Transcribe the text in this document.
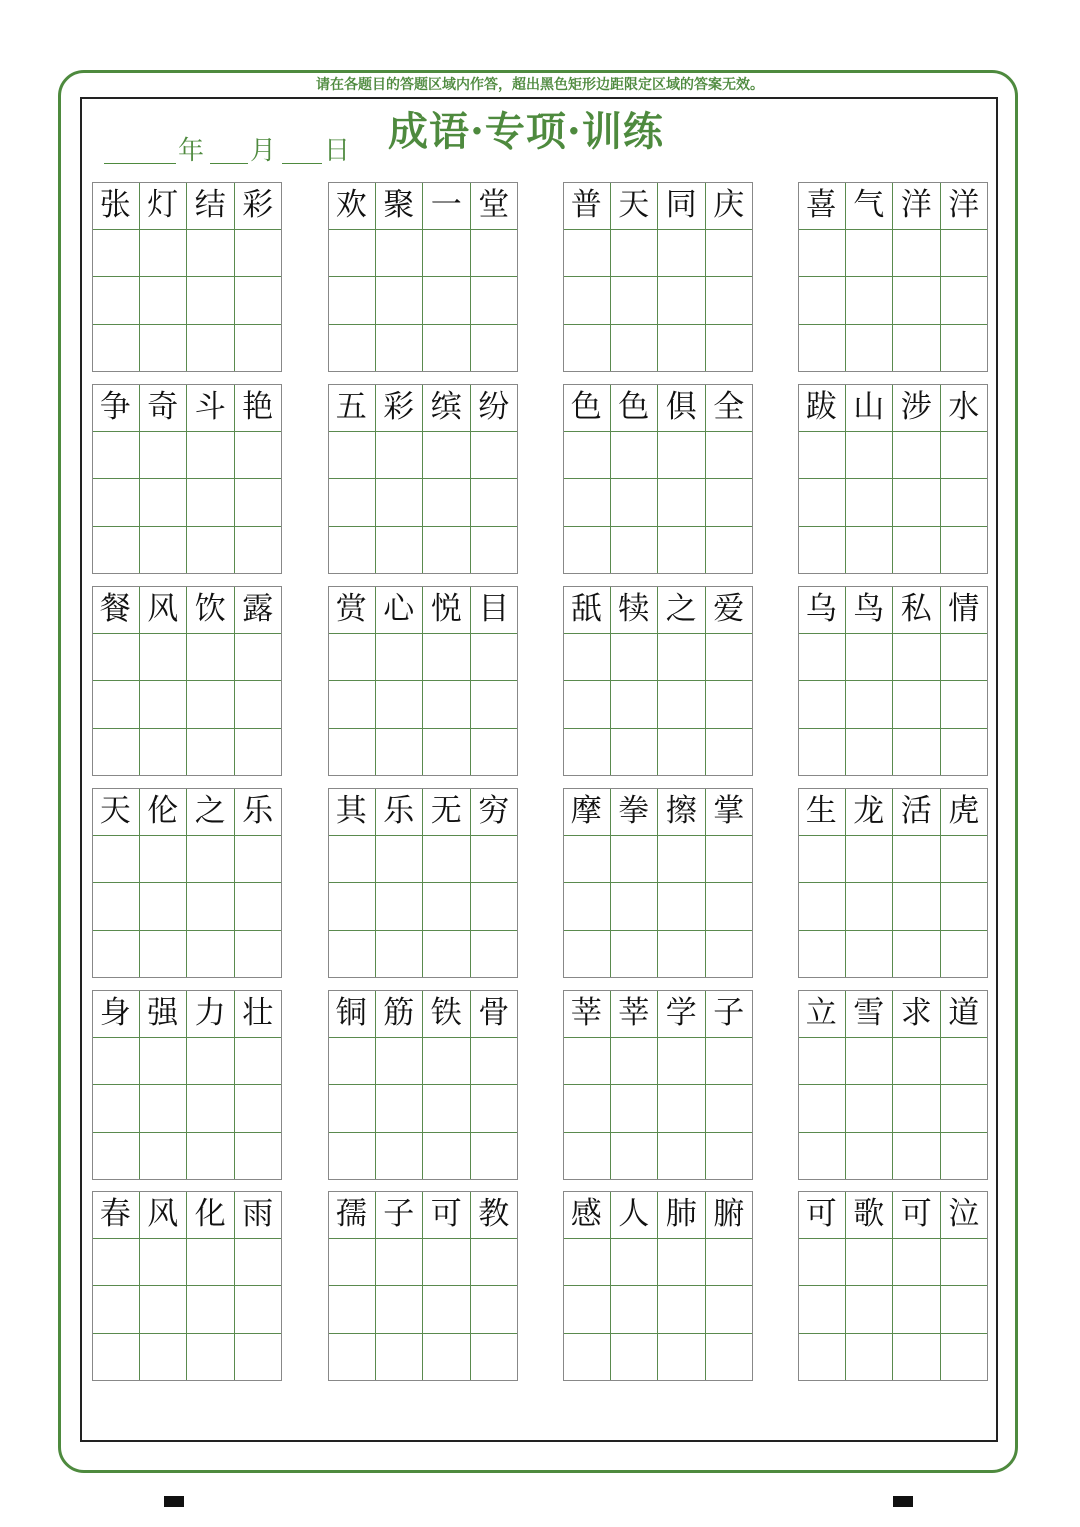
请在各题目的答题区域内作答，超出黑色矩形边距限定区域的答案无效。
年 月 日 成语·专项·训练
张 灯 结 彩 欢 聚 一 堂 普 天 同 庆 喜 气 洋 洋
争 奇 斗 艳 五 彩 缤 纷 色 色 俱 全 跋 山 涉 水
餐 风 饮 露 赏 心 悦 目 舐 犊 之 爱 乌 鸟 私 情
天 伦 之 乐 其 乐 无 穷 摩 拳 擦 掌 生 龙 活 虎
身 强 力 壮 铜 筋 铁 骨 莘 莘 学 子 立 雪 求 道
春 风 化 雨 孺 子 可 教 感 人 肺 腑 可 歌 可 泣
